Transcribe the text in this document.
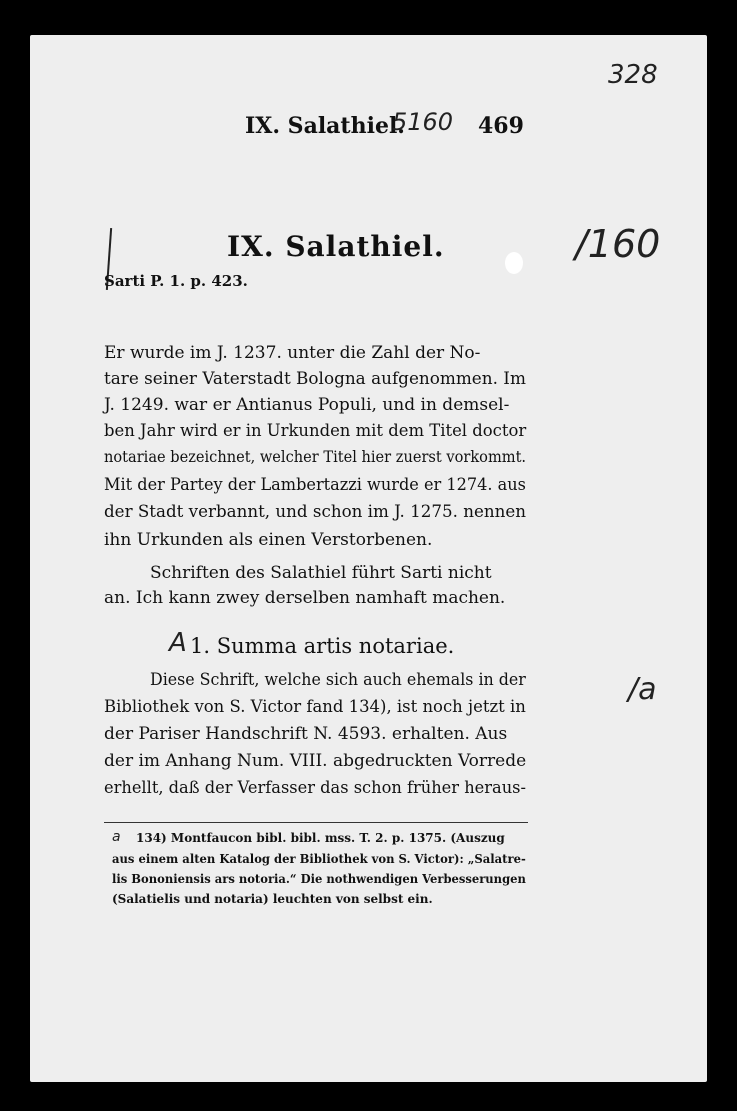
328
IX. Salathiel.
5160 469
/160
IX. Salathiel.
Sarti P. 1. p. 423.
Er wurde im J. 1237. unter die Zahl der No-
tare seiner Vaterstadt Bologna aufgenommen. Im
J. 1249. war er Antianus Populi, und in demsel-
ben Jahr wird er in Urkunden mit dem Titel doctor
notariae bezeichnet, welcher Titel hier zuerst vorkommt.
Mit der Partey der Lambertazzi wurde er 1274. aus
der Stadt verbannt, und schon im J. 1275. nennen
ihn Urkunden als einen Verstorbenen.
Schriften des Salathiel führt Sarti nicht
an. Ich kann zwey derselben namhaft machen.
A 1. Summa artis notariae.
/a
Diese Schrift, welche sich auch ehemals in der
Bibliothek von S. Victor fand 134), ist noch jetzt in
der Pariser Handschrift N. 4593. erhalten. Aus
der im Anhang Num. VIII. abgedruckten Vorrede
erhellt, daß der Verfasser das schon früher heraus-
a 134) Montfaucon bibl. bibl. mss. T. 2. p. 1375. (Auszug
aus einem alten Katalog der Bibliothek von S. Victor): „Salatre-
lis Bononiensis ars notoria.“ Die nothwendigen Verbesserungen
(Salatielis und notaria) leuchten von selbst ein.
